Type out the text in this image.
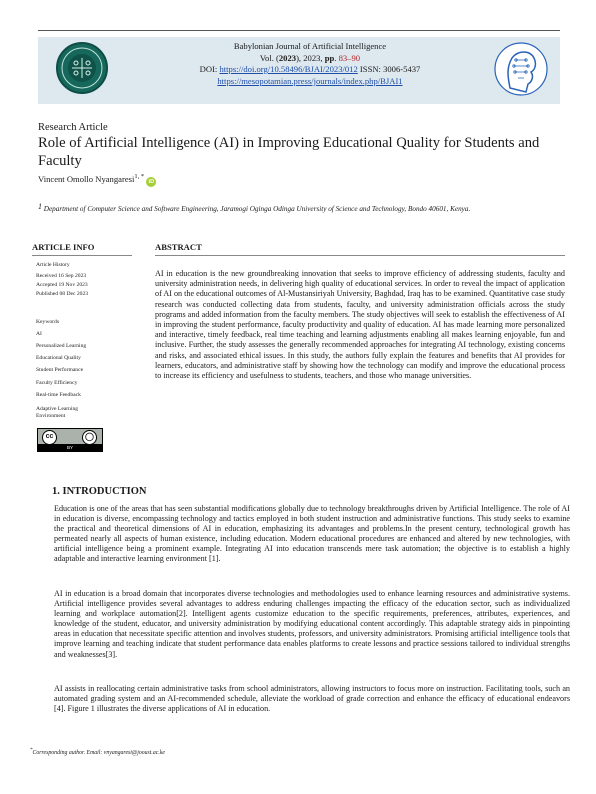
Babylonian Journal of Artificial Intelligence
Vol. (2023), 2023, pp. 83–90
DOI: https://doi.org/10.58496/BJAI/2023/012 ISSN: 3006-5437
https://mesopotamian.press/journals/index.php/BJAI1
Research Article
Role of Artificial Intelligence (AI) in Improving Educational Quality for Students and Faculty
Vincent Omollo Nyangaresi$^{1, *}$ iD
$^1$ Department of Computer Science and Software Engineering, Jaramogi Oginga Odinga University of Science and Technology, Bondo 40601, Kenya.
ARTICLE INFO	ABSTRACT
Article History
Received 16 Sep 2023
Accepted 19 Nov 2023
Published 08 Dec 2023
Keywords
AI
Personalized Learning
Educational Quality
Student Performance
Faculty Efficiency
Real-time Feedback
Adaptive Learning Environment
cc	◯
BY
AI in education is the new groundbreaking innovation that seeks to improve efficiency of addressing students, faculty and university administration needs, in delivering high quality of educational services. In order to reveal the impact of application of AI on the educational outcomes of Al-Mustansiriyah University, Baghdad, Iraq has to be examined. Quantitative case study research was conducted collecting data from students, faculty, and university administration officials across the study programs and added information from the faculty members. The study objectives will seek to establish the effectiveness of AI in improving the student performance, faculty productivity and quality of education. AI has made learning more personalized and interactive, timely feedback, real time teaching and learning adjustments enabling all makes learning enjoyable, fun and inclusive. Further, the study assesses the generally recommended approaches for integrating AI technology, existing concerns and risks, and associated ethical issues. In this study, the authors fully explain the features and benefits that AI provides for learners, educators, and administrative staff by showing how the technology can modify and improve the educational process to increase its efficiency and usefulness to students, teachers, and those who manage universities.
1. INTRODUCTION
Education is one of the areas that has seen substantial modifications globally due to technology breakthroughs driven by Artificial Intelligence. The role of AI in education is diverse, encompassing technology and tactics employed in both student instruction and administrative functions. This study seeks to examine the practical and theoretical dimensions of AI in education, emphasizing its advantages and problems.In the present century, technological growth has permeated nearly all aspects of human existence, including education. Modern educational procedures are enhanced and altered by new technologies, with artificial intelligence being a prominent example. Integrating AI into education transcends mere task automation; the objective is to establish a highly adaptable and interactive learning environment [1].
AI in education is a broad domain that incorporates diverse technologies and methodologies used to enhance learning resources and administrative systems. Artificial intelligence provides several advantages to address enduring challenges impacting the efficacy of the education sector, such as individualized learning and workplace automation[2]. Intelligent agents customize education to the specific requirements, preferences, attributes, experiences, and knowledge of the student, educator, and university administration by modifying educational content accordingly. This adaptable strategy aids in pinpointing areas in education that necessitate specific attention and involves students, professors, and university administrators. Promising artificial intelligence tools that improve learning and teaching indicate that student performance data enables platforms to create lessons and practice sessions tailored to individual strengths and weaknesses[3].
AI assists in reallocating certain administrative tasks from school administrators, allowing instructors to focus more on instruction. Facilitating tools, such an automated grading system and an AI-recommended schedule, alleviate the workload of grade correction and enhance the efficacy of educational endeavors [4]. Figure 1 illustrates the diverse applications of AI in education.
*Corresponding author. Email: vnyangaresi@jooust.ac.ke
